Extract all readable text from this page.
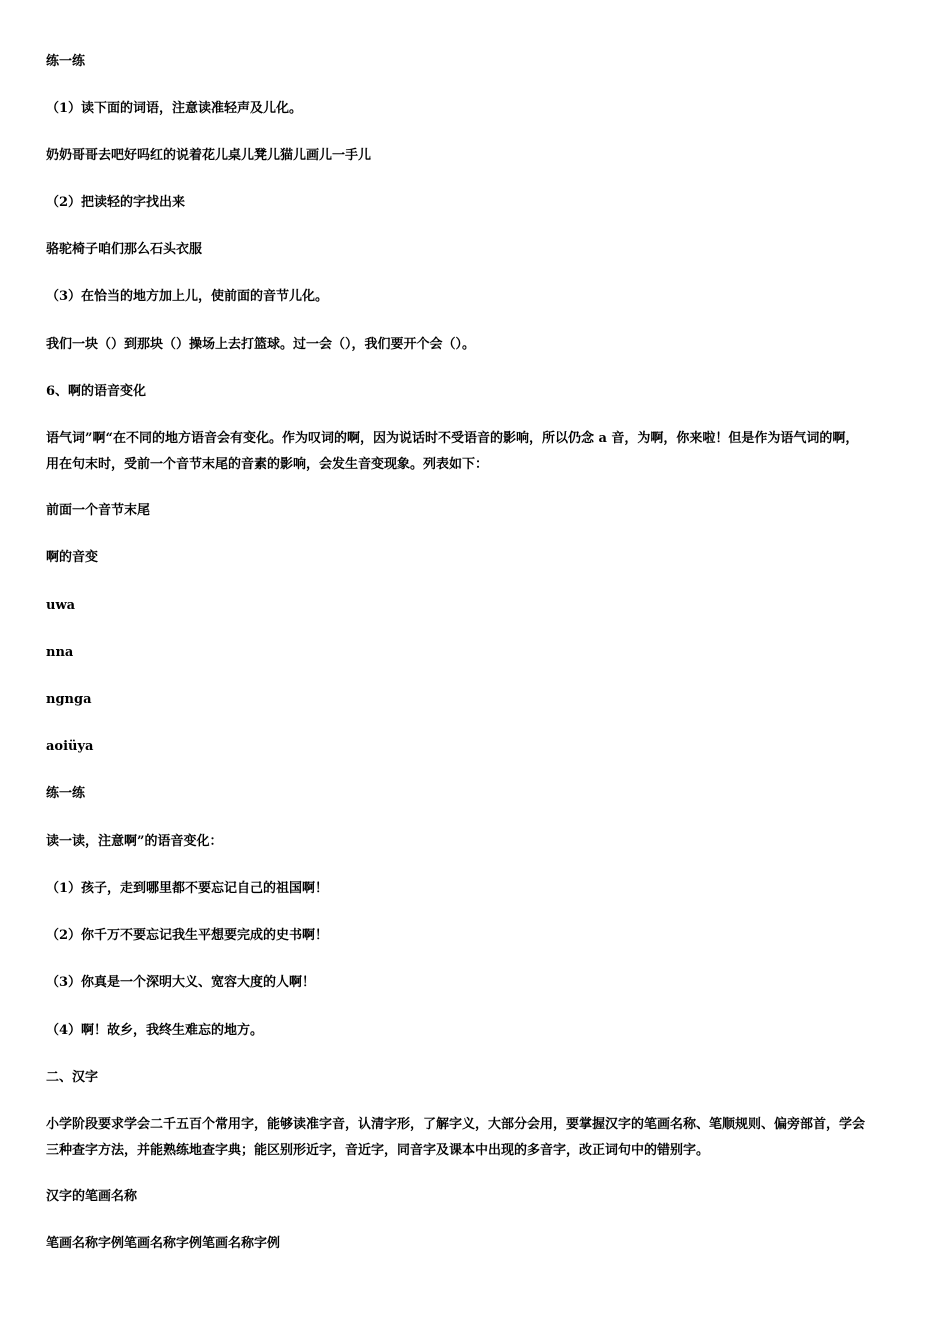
练一练
（1）读下面的词语，注意读准轻声及儿化。
奶奶哥哥去吧好吗红的说着花儿桌儿凳儿猫儿画儿一手儿
（2）把读轻的字找出来
骆驼椅子咱们那么石头衣服
（3）在恰当的地方加上儿，使前面的音节儿化。
我们一块（）到那块（）操场上去打篮球。过一会（），我们要开个会（）。
6、啊的语音变化
语气词”啊“在不同的地方语音会有变化。作为叹词的啊，因为说话时不受语音的影响，所以仍念 a 音，为啊，你来啦！但是作为语气词的啊，
用在句末时，受前一个音节末尾的音素的影响，会发生音变现象。列表如下：
前面一个音节末尾
啊的音变
uwa
nna
ngnga
aoiüya
练一练
读一读，注意啊”的语音变化：
（1）孩子，走到哪里都不要忘记自己的祖国啊！
（2）你千万不要忘记我生平想要完成的史书啊！
（3）你真是一个深明大义、宽容大度的人啊！
（4）啊！故乡，我终生难忘的地方。
二、汉字
小学阶段要求学会二千五百个常用字，能够读准字音，认清字形，了解字义，大部分会用，要掌握汉字的笔画名称、笔顺规则、偏旁部首，学会
三种查字方法，并能熟练地查字典；能区别形近字，音近字，同音字及课本中出现的多音字，改正词句中的错别字。
汉字的笔画名称
笔画名称字例笔画名称字例笔画名称字例
